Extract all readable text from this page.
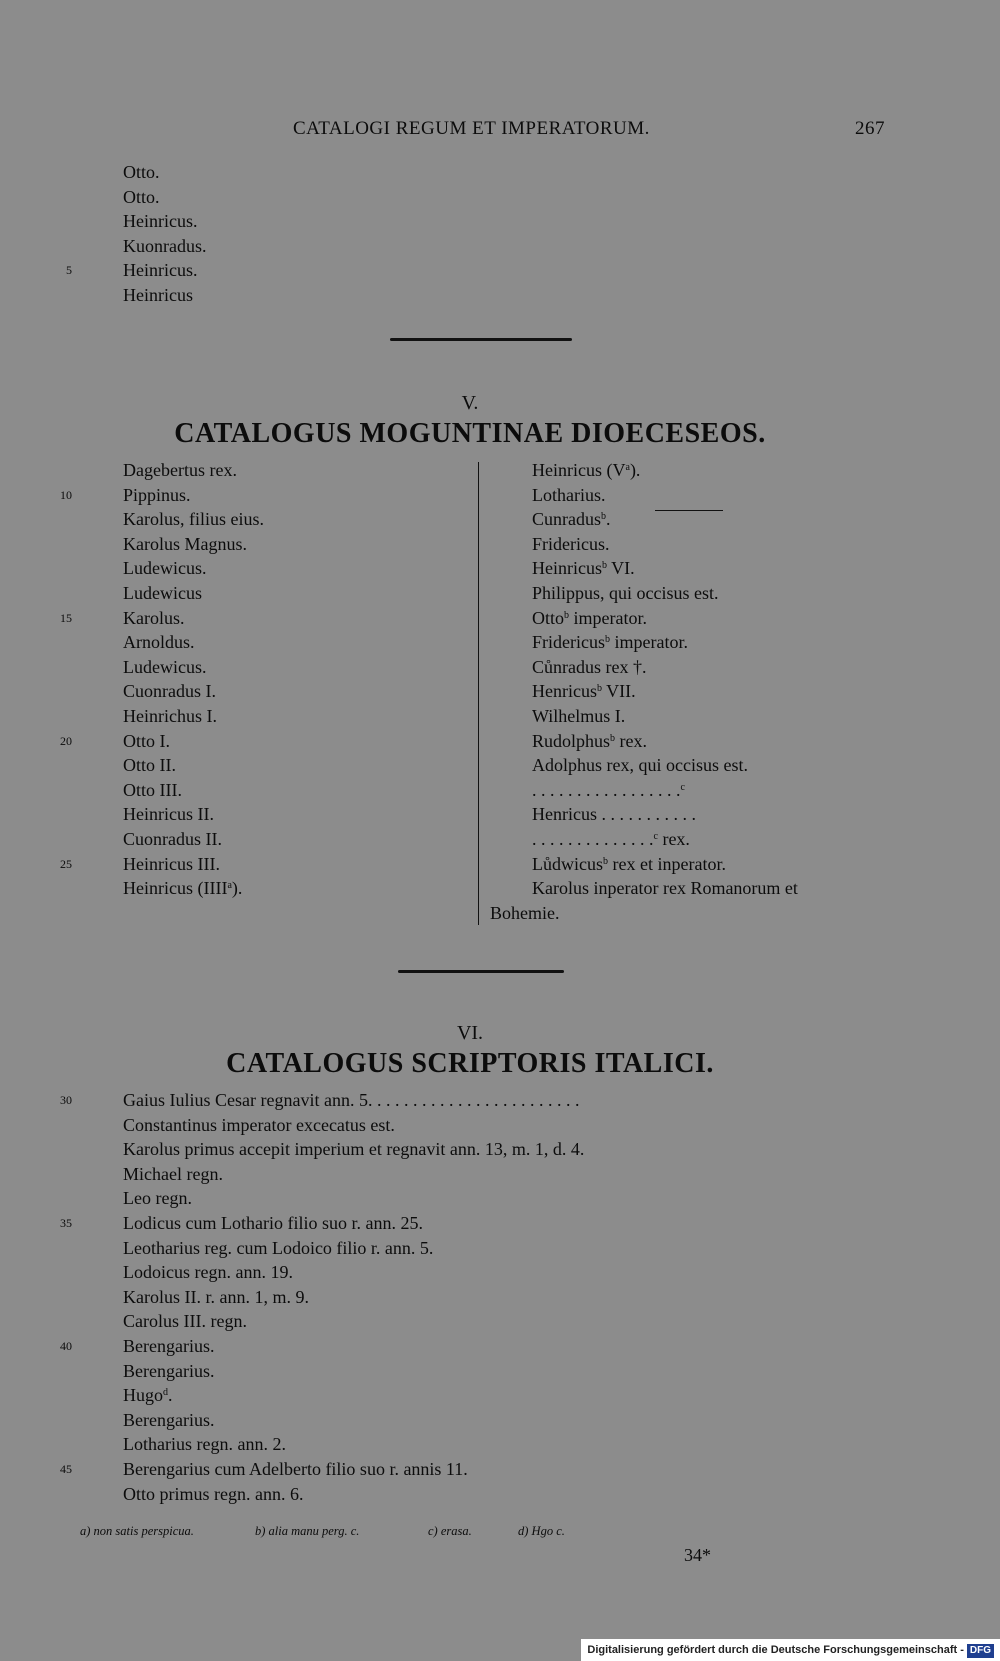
CATALOGI REGUM ET IMPERATORUM.	267
Otto.
Otto.
Heinricus.
Kuonradus.
5	Heinricus.
Heinricus
V.
CATALOGUS MOGUNTINAE DIOECESEOS.
Dagebertus rex.
10	Pippinus.
Karolus, filius eius.
Karolus Magnus.
Ludewicus.
Ludewicus
15	Karolus.
Arnoldus.
Ludewicus.
Cuonradus I.
Heinrichus I.
20	Otto I.
Otto II.
Otto III.
Heinricus II.
Cuonradus II.
25	Heinricus III.
Heinricus (IIII$^a$).
Heinricus $(V^a)$.
Lotharius.
Cunradus$^b$.
Fridericus.
Heinricus$^b$ VI.
Philippus, qui occisus est.
Otto$^b$ imperator.
Fridericus$^b$ imperator.
Cůnradus rex †.
Henricus$^b$ VII.
Wilhelmus I.
Rudolphus$^b$ rex.
Adolphus rex, qui occisus est.
. . . . . . . . . . . . . . . . .$^c$
Henricus . . . . . . . . . . .
. . . . . . . . . . . . . .$^c$ rex.
Lůdwicus$^b$ rex et inperator.
Karolus inperator rex Romanorum et
Bohemie.
VI.
CATALOGUS SCRIPTORIS ITALICI.
30	Gaius Iulius Cesar regnavit ann. 5. . . . . . . . . . . . . . . . . . . . . . . .
Constantinus imperator excecatus est.
Karolus primus accepit imperium et regnavit ann. 13, m. 1, d. 4.
Michael regn.
Leo regn.
35	Lodicus cum Lothario filio suo r. ann. 25.
Leotharius reg. cum Lodoico filio r. ann. 5.
Lodoicus regn. ann. 19.
Karolus II. r. ann. 1, m. 9.
Carolus III. regn.
40	Berengarius.
Berengarius.
Hugo$^d$.
Berengarius.
Lotharius regn. ann. 2.
45	Berengarius cum Adelberto filio suo r. annis 11.
Otto primus regn. ann. 6.
a) non satis perspicua.	b) alia manu perg. c.	c) erasa.	d) Hgo c.
34*
Digitalisierung gefördert durch die Deutsche Forschungsgemeinschaft - DFG
